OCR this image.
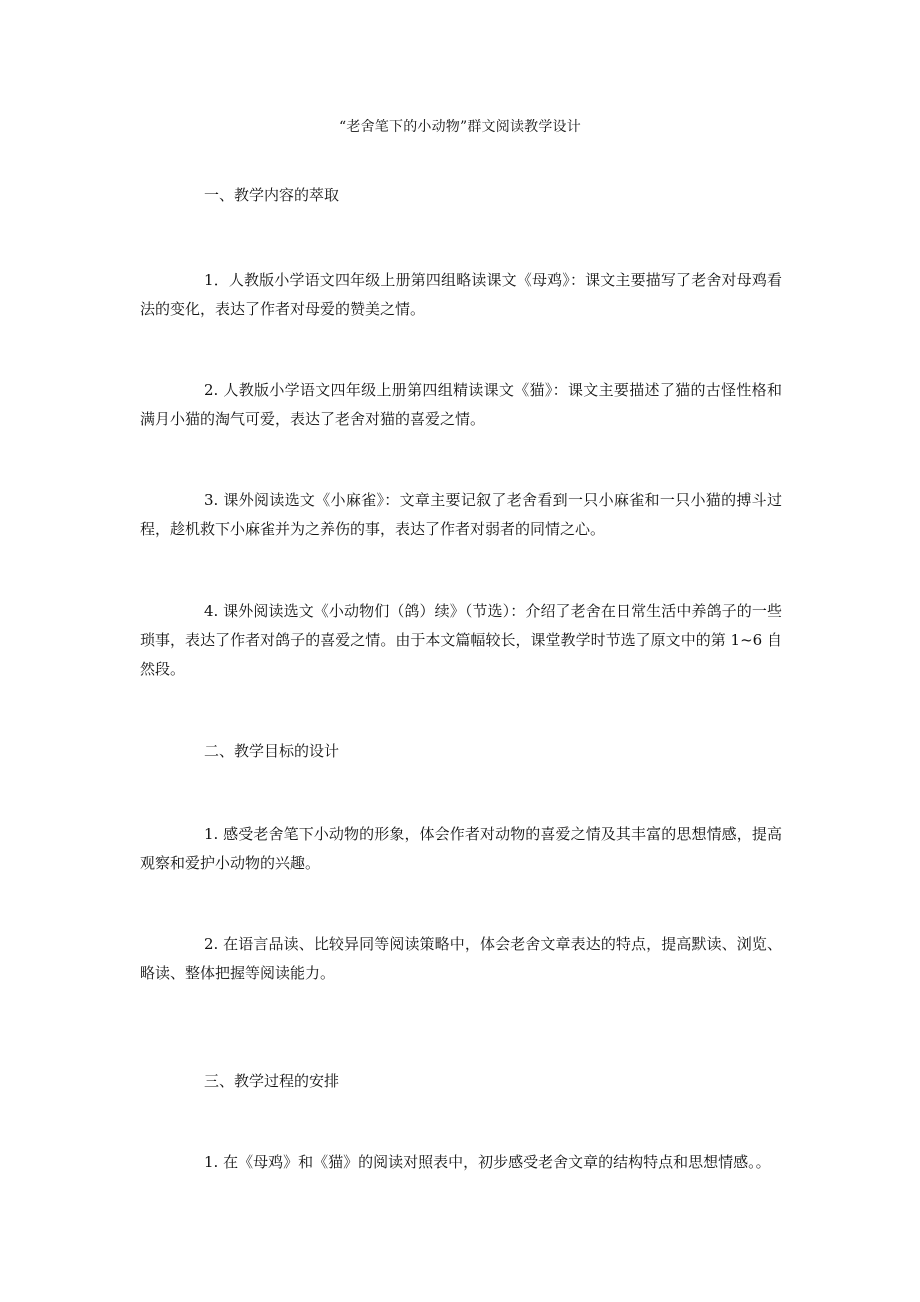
“老舍笔下的小动物”群文阅读教学设计
一、教学内容的萃取
1．人教版小学语文四年级上册第四组略读课文《母鸡》：课文主要描写了老舍对母鸡看法的变化，表达了作者对母爱的赞美之情。
2. 人教版小学语文四年级上册第四组精读课文《猫》：课文主要描述了猫的古怪性格和满月小猫的淘气可爱，表达了老舍对猫的喜爱之情。
3. 课外阅读选文《小麻雀》：文章主要记叙了老舍看到一只小麻雀和一只小猫的搏斗过程，趁机救下小麻雀并为之养伤的事，表达了作者对弱者的同情之心。
4. 课外阅读选文《小动物们（鸽）续》（节选）：介绍了老舍在日常生活中养鸽子的一些琐事，表达了作者对鸽子的喜爱之情。由于本文篇幅较长，课堂教学时节选了原文中的第 1~6 自然段。
二、教学目标的设计
1. 感受老舍笔下小动物的形象，体会作者对动物的喜爱之情及其丰富的思想情感，提高观察和爱护小动物的兴趣。
2. 在语言品读、比较异同等阅读策略中，体会老舍文章表达的特点，提高默读、浏览、略读、整体把握等阅读能力。
三、教学过程的安排
1. 在《母鸡》和《猫》的阅读对照表中，初步感受老舍文章的结构特点和思想情感。。
